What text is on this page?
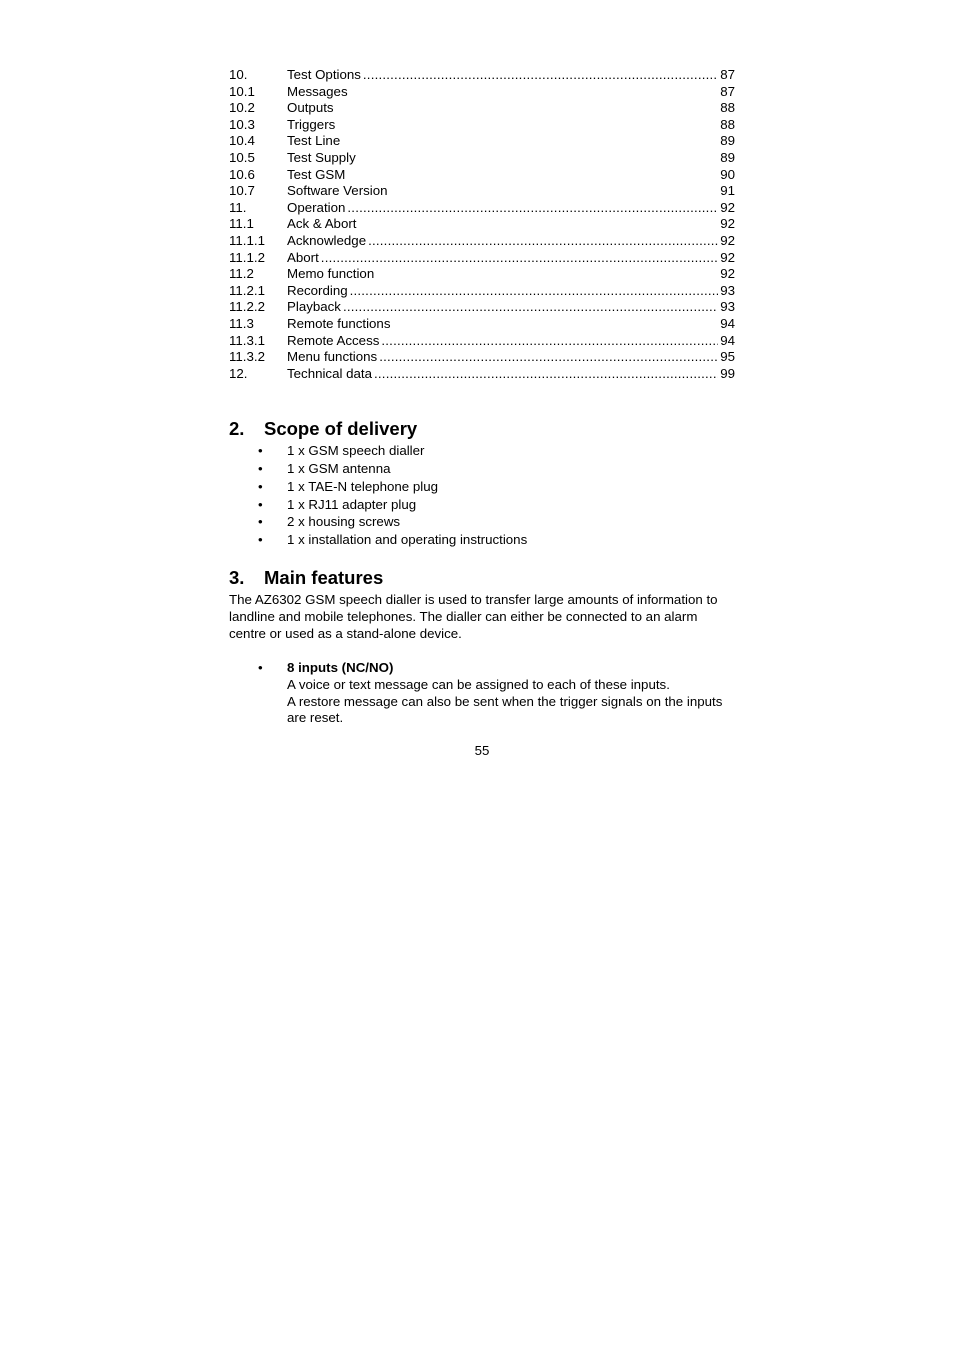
10.	Test Options .....	87
10.1	Messages	87
10.2	Outputs	88
10.3	Triggers	88
10.4	Test Line	89
10.5	Test Supply	89
10.6	Test GSM	90
10.7	Software Version	91
11.	Operation .....	92
11.1	Ack & Abort	92
11.1.1	Acknowledge .....	92
11.1.2	Abort .....	92
11.2	Memo function	92
11.2.1	Recording .....	93
11.2.2	Playback .....	93
11.3	Remote functions	94
11.3.1	Remote Access .....	94
11.3.2	Menu functions .....	95
12.	Technical data .....	99
2.	Scope of delivery
•	1 x GSM speech dialler
•	1 x GSM antenna
•	1 x TAE-N telephone plug
•	1 x RJ11 adapter plug
•	2 x housing screws
•	1 x installation and operating instructions
3.	Main features

The AZ6302 GSM speech dialler is used to transfer large amounts of information to landline and mobile telephones. The dialler can either be connected to an alarm centre or used as a stand-alone device.

•	8 inputs (NC/NO)
A voice or text message can be assigned to each of these inputs.
A restore message can also be sent when the trigger signals on the inputs are reset.
55
